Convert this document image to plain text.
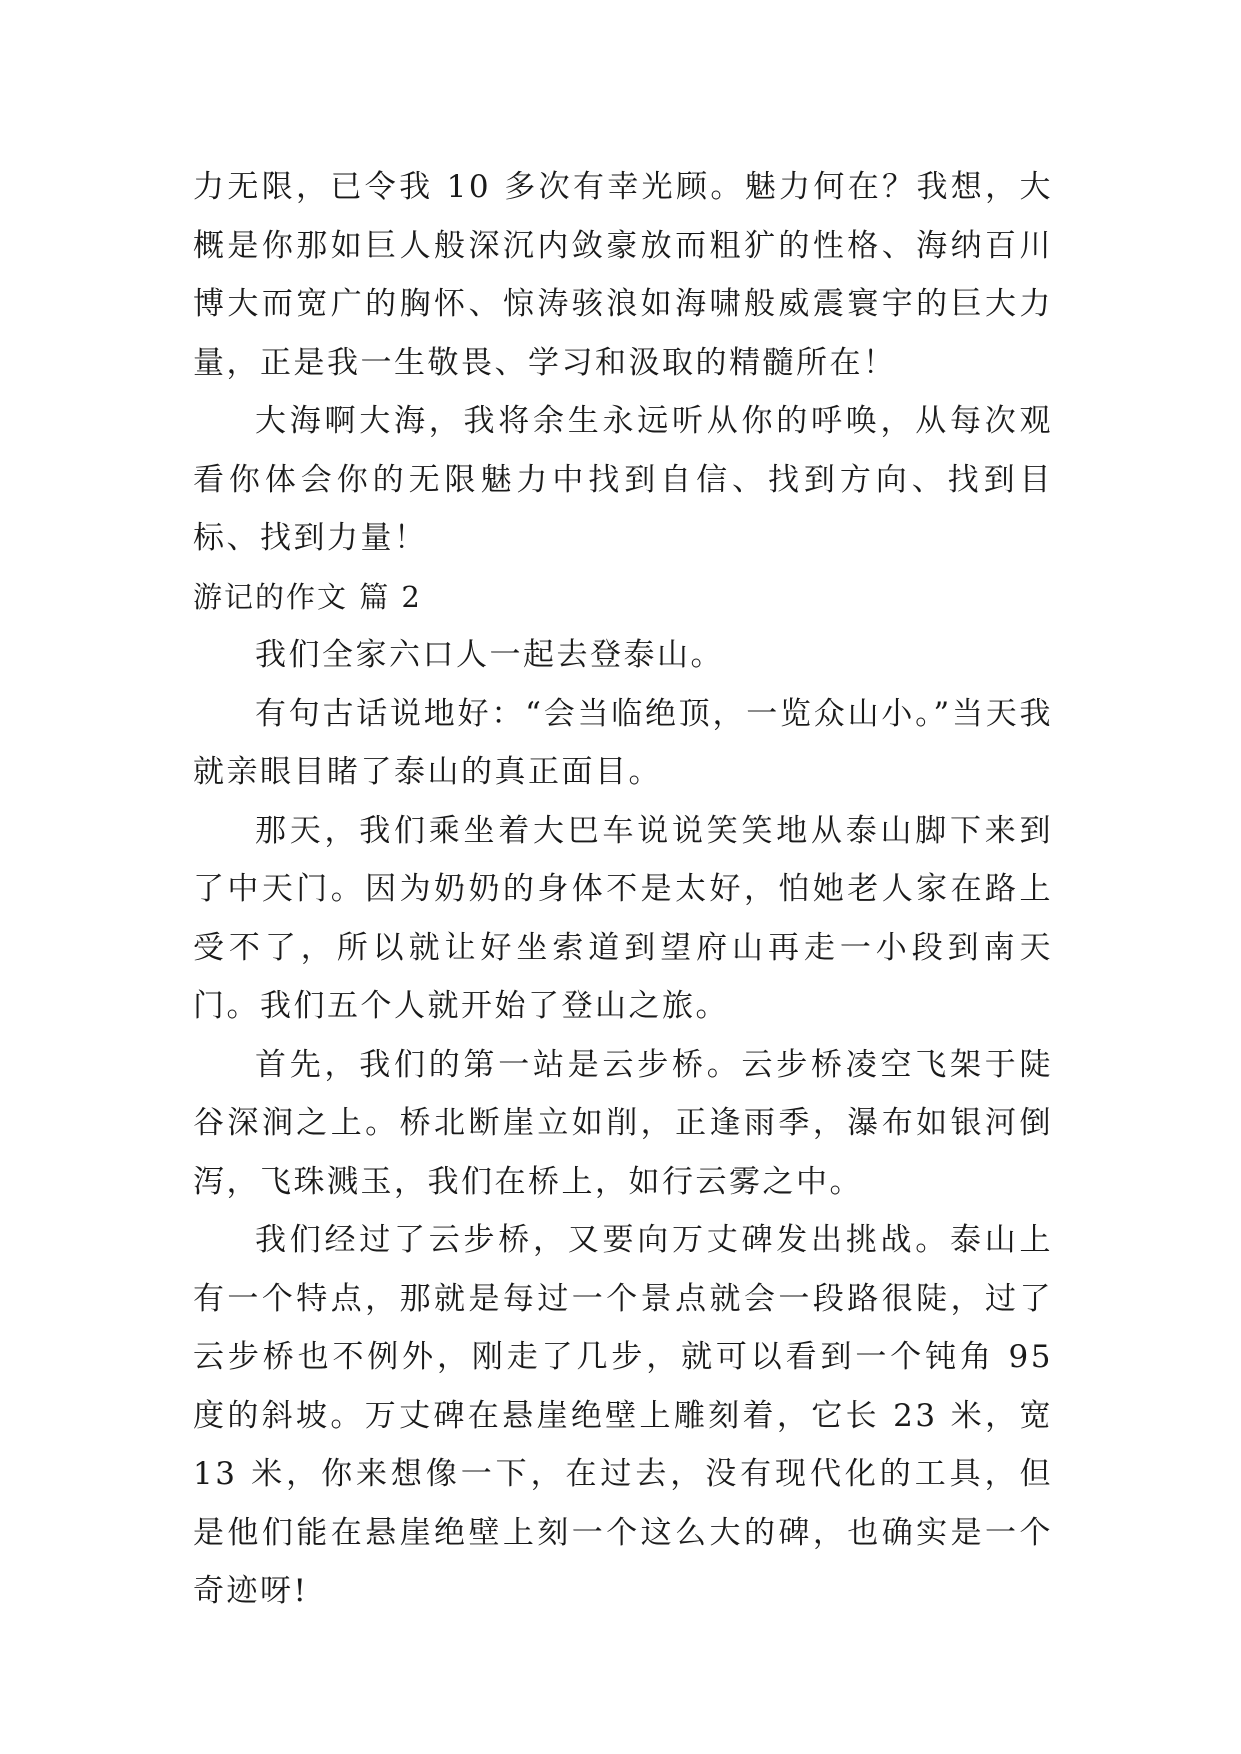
力无限，已令我 10 多次有幸光顾。魅力何在？我想，大概是你那如巨人般深沉内敛豪放而粗犷的性格、海纳百川博大而宽广的胸怀、惊涛骇浪如海啸般威震寰宇的巨大力量，正是我一生敬畏、学习和汲取的精髓所在！

大海啊大海，我将余生永远听从你的呼唤，从每次观看你体会你的无限魅力中找到自信、找到方向、找到目标、找到力量！

游记的作文 篇 2

我们全家六口人一起去登泰山。

有句古话说地好：“会当临绝顶，一览众山小。”当天我就亲眼目睹了泰山的真正面目。

那天，我们乘坐着大巴车说说笑笑地从泰山脚下来到了中天门。因为奶奶的身体不是太好，怕她老人家在路上受不了，所以就让好坐索道到望府山再走一小段到南天门。我们五个人就开始了登山之旅。

首先，我们的第一站是云步桥。云步桥凌空飞架于陡谷深涧之上。桥北断崖立如削，正逢雨季，瀑布如银河倒泻，飞珠溅玉，我们在桥上，如行云雾之中。

我们经过了云步桥，又要向万丈碑发出挑战。泰山上有一个特点，那就是每过一个景点就会一段路很陡，过了云步桥也不例外，刚走了几步，就可以看到一个钝角 95 度的斜坡。万丈碑在悬崖绝壁上雕刻着，它长 23 米，宽 13 米，你来想像一下，在过去，没有现代化的工具，但是他们能在悬崖绝壁上刻一个这么大的碑，也确实是一个奇迹呀!
